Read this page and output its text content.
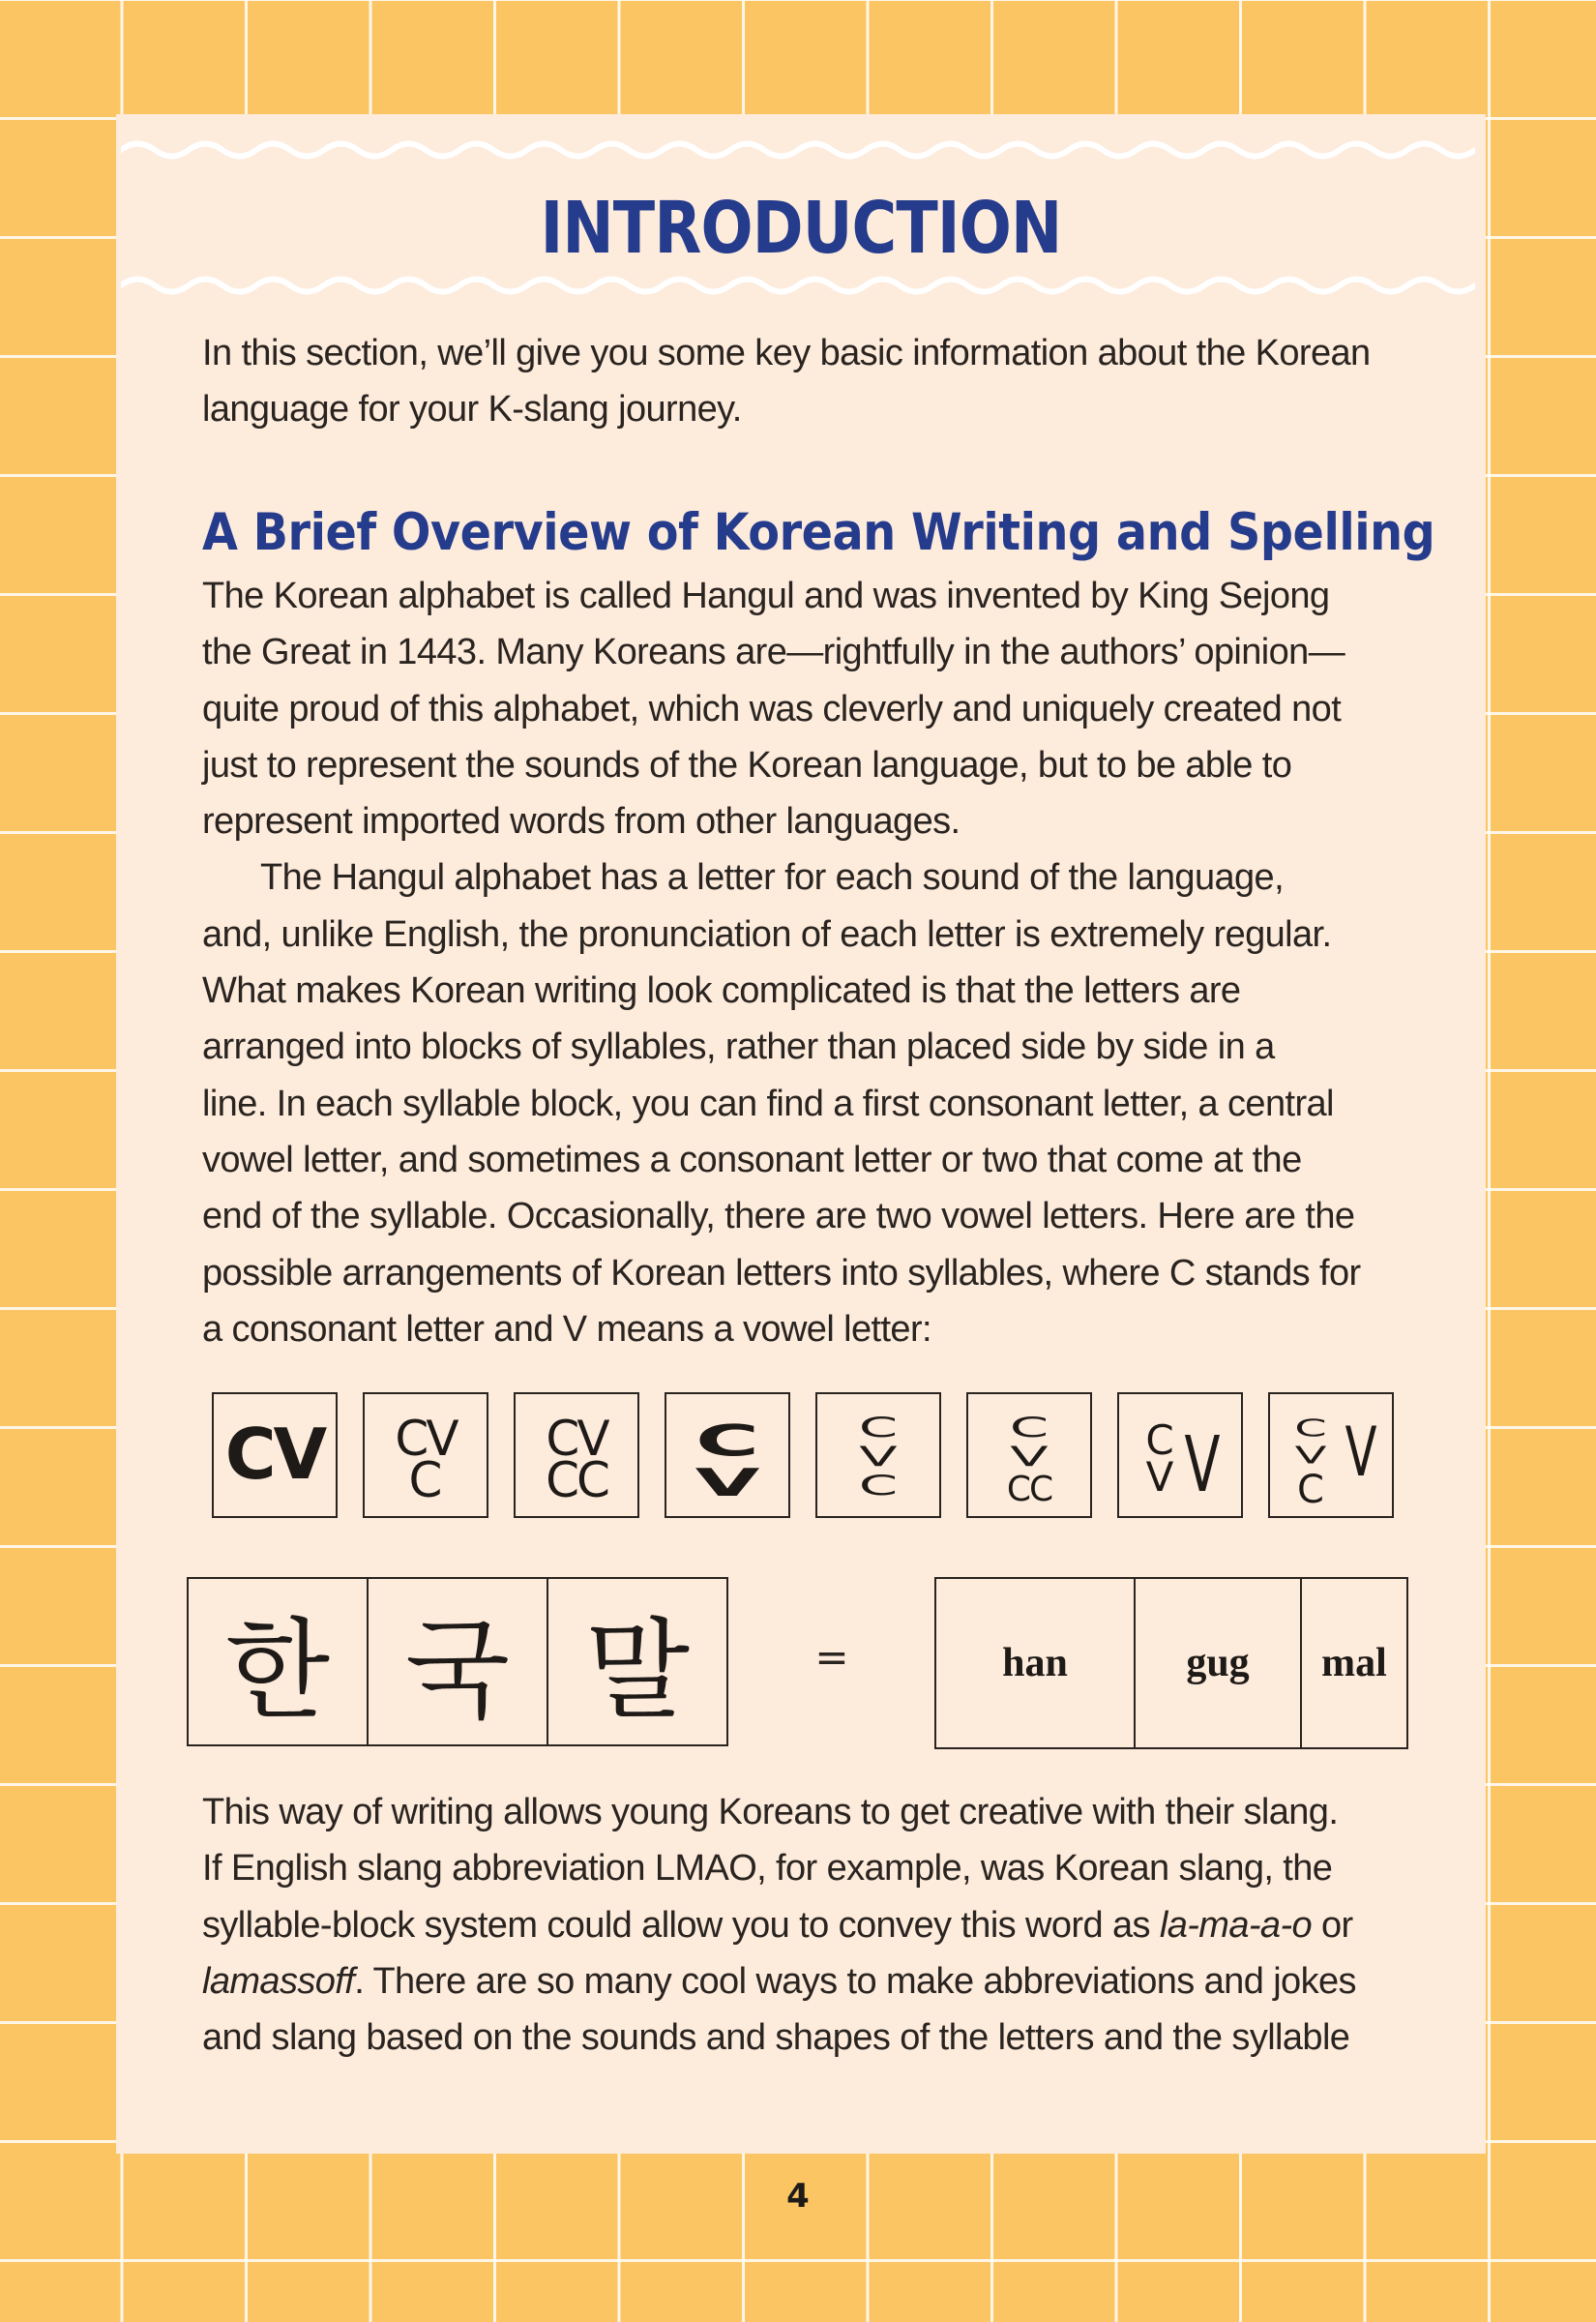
INTRODUCTION

In this section, we’ll give you some key basic information about the Korean
language for your K-slang journey.

A Brief Overview of Korean Writing and Spelling

The Korean alphabet is called Hangul and was invented by King Sejong
the Great in 1443. Many Koreans are—rightfully in the authors’ opinion—
quite proud of this alphabet, which was cleverly and uniquely created not
just to represent the sounds of the Korean language, but to be able to
represent imported words from other languages.

The Hangul alphabet has a letter for each sound of the language,
and, unlike English, the pronunciation of each letter is extremely regular.
What makes Korean writing look complicated is that the letters are
arranged into blocks of syllables, rather than placed side by side in a
line. In each syllable block, you can find a first consonant letter, a central
vowel letter, and sometimes a consonant letter or two that come at the
end of the syllable. Occasionally, there are two vowel letters. Here are the
possible arrangements of Korean letters into syllables, where C stands for
a consonant letter and V means a vowel letter:

CV CV
C
CV
CC
C
V
C
V
C
C
V
CC
C
V V C
V V
C
한 국 말	=	han	gug	mal

This way of writing allows young Koreans to get creative with their slang.
If English slang abbreviation LMAO, for example, was Korean slang, the
syllable-block system could allow you to convey this word as la-ma-a-o or
lamassoff. There are so many cool ways to make abbreviations and jokes
and slang based on the sounds and shapes of the letters and the syllable

4
